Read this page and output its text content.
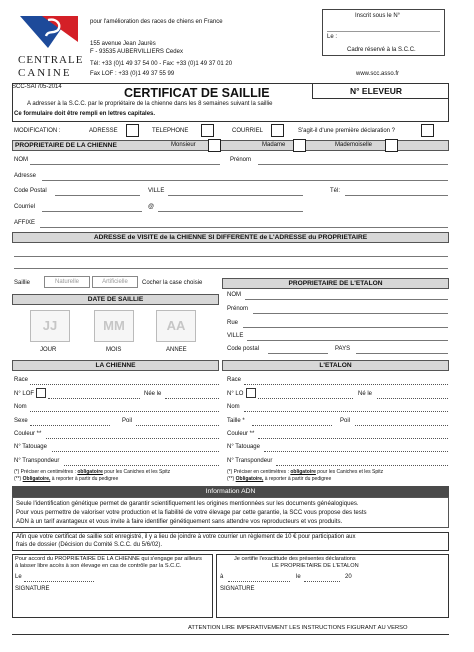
CENTRALE
CANINE
pour l'amélioration des races de chiens en France
155 avenue Jean Jaurès
F - 93535 AUBERVILLIERS Cedex
Tél: +33 (0)1 49 37 54 00 - Fax: +33 (0)1 49 37 01 20
Fax LOF : +33 (0)1 49 37 55 99	www.scc.asso.fr
Inscrit sous le N°
Le :
Cadre réservé à la S.C.C.
SCC-SAI /05-2014	CERTIFICAT DE SAILLIE	N° ELEVEUR
A adresser à la S.C.C. par le propriétaire de la chienne dans les 8 semaines suivant la saillie
Ce formulaire doit être rempli en lettres capitales.
MODIFICATION :	ADRESSE	TELEPHONE	COURRIEL	S'agit-il d'une première déclaration ?
PROPRIETAIRE DE LA CHIENNE	Monsieur	Madame	Mademoiselle
NOM	Prénom
Adresse
Code Postal	VILLE	Tél:
Courriel	@
AFFIXE
ADRESSE de VISITE de la CHIENNE SI DIFFERENTE de L'ADRESSE du PROPRIETAIRE
Saillie	Naturelle	Artificielle	Cocher la case choisie
DATE DE SAILLIE
JJ	MM	AA
JOUR	MOIS	ANNEE
PROPRIETAIRE DE L'ETALON
NOM
Prénom
Rue
VILLE
Code postal	PAYS
LA CHIENNE
Race
N° LOF	Née le
Nom
Sexe	Poil
Couleur **
N° Tatouage
N° Transpondeur
(*) Préciser en centimètres : obligatoire pour les Caniches et les Spitz
(**) Obligatoire, à reporter à partir du pedigree
L'ETALON
Race
N° LO	Né le
Nom
Taille *	Poil
Couleur **
N° Tatouage
N° Transpondeur
(*) Préciser en centimètres : obligatoire pour les Caniches et les Spitz
(**) Obligatoire, à reporter à partir du pedigree
Information ADN
Seule l'identification génétique permet de garantir scientifiquement les origines mentionnées sur les documents généalogiques.
Pour vous permettre de valoriser votre production et la fiabilité de votre élevage par cette garantie, la SCC vous propose des tests
ADN à un tarif avantageux et vous invite à faire identifier génétiquement sans attendre vos reproducteurs et vos produits.
Afin que votre certificat de saillie soit enregistré, il y a lieu de joindre à votre courrier un règlement de 10 € pour participation aux
frais de dossier (Décision du Comité S.C.C. du 5/6/02).
Pour accord du PROPRIETAIRE DE LA CHIENNE qui s'engage par ailleurs
à laisser libre accès à son élevage en cas de contrôle par la S.C.C.
Le
SIGNATURE
Je certifie l'exactitude des présentes déclarations
LE PROPRIETAIRE DE L'ETALON
à	le	20
SIGNATURE
ATTENTION LIRE IMPERATIVEMENT LES INSTRUCTIONS FIGURANT AU VERSO
